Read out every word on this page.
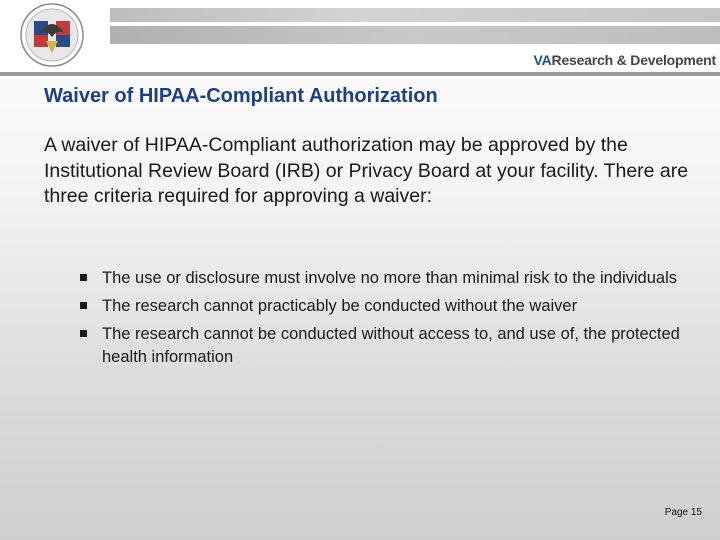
VAResearch & Development
Waiver of HIPAA-Compliant Authorization

A waiver of HIPAA-Compliant authorization may be approved by the Institutional Review Board (IRB) or Privacy Board at your facility. There are three criteria required for approving a waiver:

The use or disclosure must involve no more than minimal risk to the individuals
The research cannot practicably be conducted without the waiver
The research cannot be conducted without access to, and use of, the protected health information
Page 15
